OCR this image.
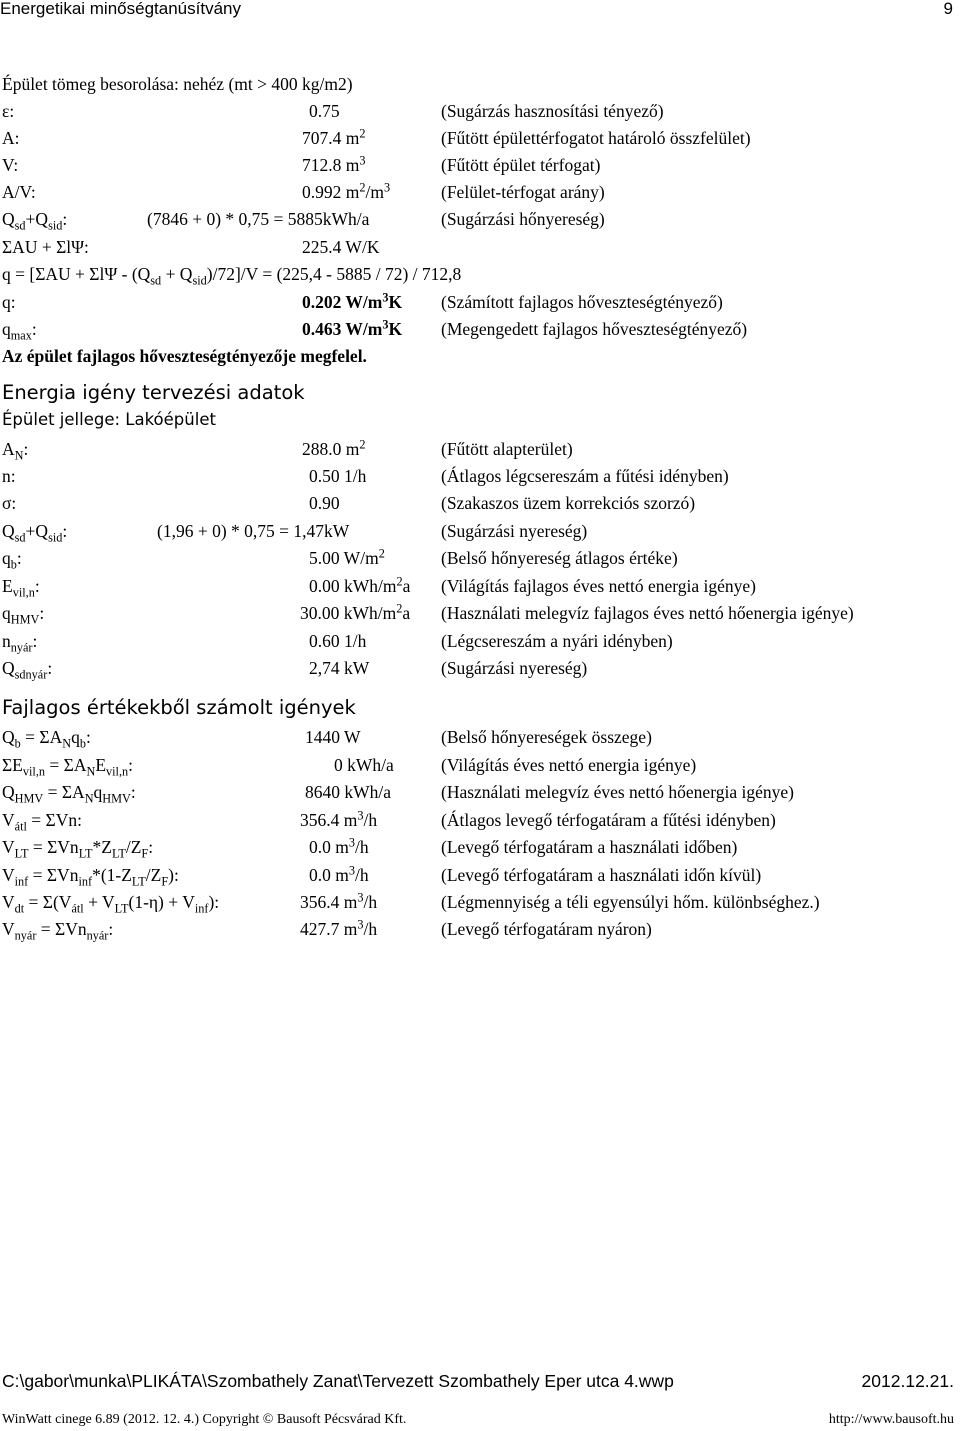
Energetikai minőségtanúsítvány	9
Épület tömeg besorolása: nehéz (mt > 400 kg/m2)
ε:	0.75	(Sugárzás hasznosítási tényező)
A:	707.4 $m^2$	(Fűtött épülettérfogatot határoló összfelület)
V:	712.8 $m^3$	(Fűtött épület térfogat)
A/V:	0.992 $m^2/m^3$	(Felület-térfogat arány)
$Q_{sd}+Q_{sid}$:	(7846 + 0) * 0,75 = 5885kWh/a	(Sugárzási hőnyereség)
ΣAU + ΣlΨ:	225.4 W/K
$q = [\Sigma AU + \Sigma l\Psi - (Q_{sd} + Q_{sid})/72]/V = (225,4 - 5885 / 72) / 712,8$
q:	0.202 $W/m^3K$ (Számított fajlagos hőveszteségtényező)
$q_{max}$:	0.463 $W/m^3K$ (Megengedett fajlagos hőveszteségtényező)
Az épület fajlagos hőveszteségtényezője megfelel.
Energia igény tervezési adatok
Épület jellege: Lakóépület
$A_N$:	288.0 $m^2$	(Fűtött alapterület)
n:	0.50 1/h	(Átlagos légcsereszám a fűtési idényben)
σ:	0.90	(Szakaszos üzem korrekciós szorzó)
$Q_{sd}+Q_{sid}$:	(1,96 + 0) * 0,75 = 1,47kW	(Sugárzási nyereség)
$q_b$:	5.00 $W/m^2$	(Belső hőnyereség átlagos értéke)
$E_{vil,n}$:	0.00 kWh/$m^2a$ (Világítás fajlagos éves nettó energia igénye)
$q_{HMV}$:	30.00 kWh/$m^2a$ (Használati melegvíz fajlagos éves nettó hőenergia igénye)
$n_{nyár}$:	0.60 1/h	(Légcsereszám a nyári idényben)
$Q_{sdnyár}$:	2,74 kW	(Sugárzási nyereség)
Fajlagos értékekből számolt igények
$Q_b = \Sigma A_Nq_b$:	1440 W	(Belső hőnyereségek összege)
$\Sigma E_{vil,n} = \Sigma A_NE_{vil,n}$:	0 kWh/a	(Világítás éves nettó energia igénye)
$Q_{HMV} = \Sigma A_Nq_{HMV}$:	8640 kWh/a	(Használati melegvíz éves nettó hőenergia igénye)
$V_{átl} = \Sigma Vn$:	356.4 $m^3/h$	(Átlagos levegő térfogatáram a fűtési idényben)
$V_{LT} = \Sigma Vn_{LT}*Z_{LT}/Z_F$:	0.0 $m^3/h$	(Levegő térfogatáram a használati időben)
$V_{inf} = \Sigma Vn_{inf}*(1-Z_{LT}/Z_F)$:	0.0 $m^3/h$	(Levegő térfogatáram a használati időn kívül)
$V_{dt} = \Sigma(V_{átl} + V_{LT}(1-\eta) + V_{inf})$:	356.4 $m^3/h$	(Légmennyiség a téli egyensúlyi hőm. különbséghez.)
$V_{nyár} = \Sigma Vn_{nyár}$:	427.7 $m^3/h$	(Levegő térfogatáram nyáron)
C:\gabor\munka\PLIKÁTA\Szombathely Zanat\Tervezett Szombathely Eper utca 4.wwp	2012.12.21.
WinWatt cinege 6.89 (2012. 12. 4.) Copyright © Bausoft Pécsvárad Kft.	http://www.bausoft.hu
